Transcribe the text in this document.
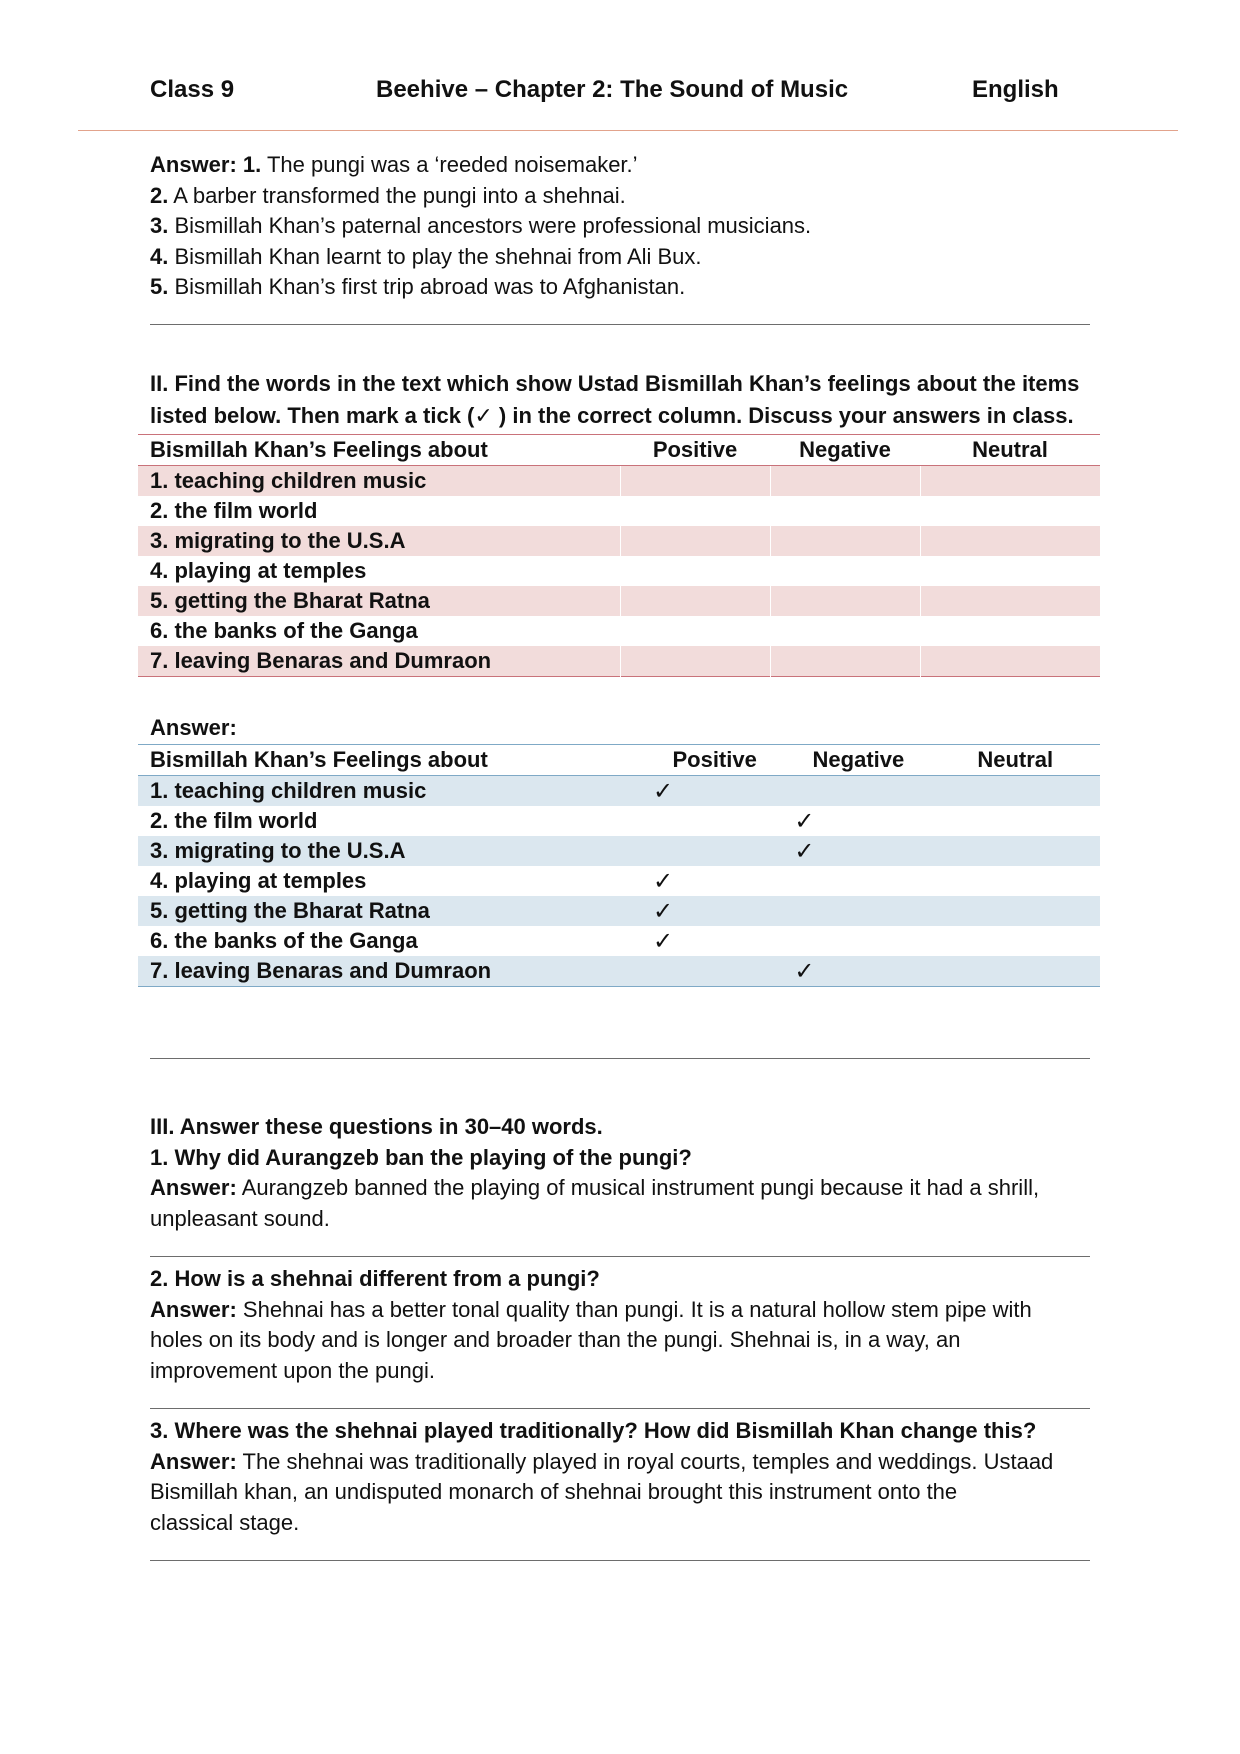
Class 9	Beehive – Chapter 2: The Sound of Music	English

Answer: 1. The pungi was a ‘reeded noisemaker.’

2. A barber transformed the pungi into a shehnai.

3. Bismillah Khan’s paternal ancestors were professional musicians.

4. Bismillah Khan learnt to play the shehnai from Ali Bux.

5. Bismillah Khan’s first trip abroad was to Afghanistan.

II. Find the words in the text which show Ustad Bismillah Khan’s feelings about the items
listed below. Then mark a tick (✓ ) in the correct column. Discuss your answers in class.
Bismillah Khan’s Feelings about	Positive	Negative	Neutral
1. teaching children music			
2. the film world			
3. migrating to the U.S.A			
4. playing at temples			
5. getting the Bharat Ratna			
6. the banks of the Ganga			
7. leaving Benaras and Dumraon			
Answer:
Bismillah Khan’s Feelings about	Positive	Negative	Neutral
1. teaching children music	✓		
2. the film world		✓	
3. migrating to the U.S.A		✓	
4. playing at temples	✓		
5. getting the Bharat Ratna	✓		
6. the banks of the Ganga	✓		
7. leaving Benaras and Dumraon		✓	

III. Answer these questions in 30–40 words.

1. Why did Aurangzeb ban the playing of the pungi?

Answer: Aurangzeb banned the playing of musical instrument pungi because it had a shrill,

unpleasant sound.

2. How is a shehnai different from a pungi?

Answer: Shehnai has a better tonal quality than pungi. It is a natural hollow stem pipe with

holes on its body and is longer and broader than the pungi. Shehnai is, in a way, an

improvement upon the pungi.

3. Where was the shehnai played traditionally? How did Bismillah Khan change this?

Answer: The shehnai was traditionally played in royal courts, temples and weddings. Ustaad

Bismillah khan, an undisputed monarch of shehnai brought this instrument onto the

classical stage.
